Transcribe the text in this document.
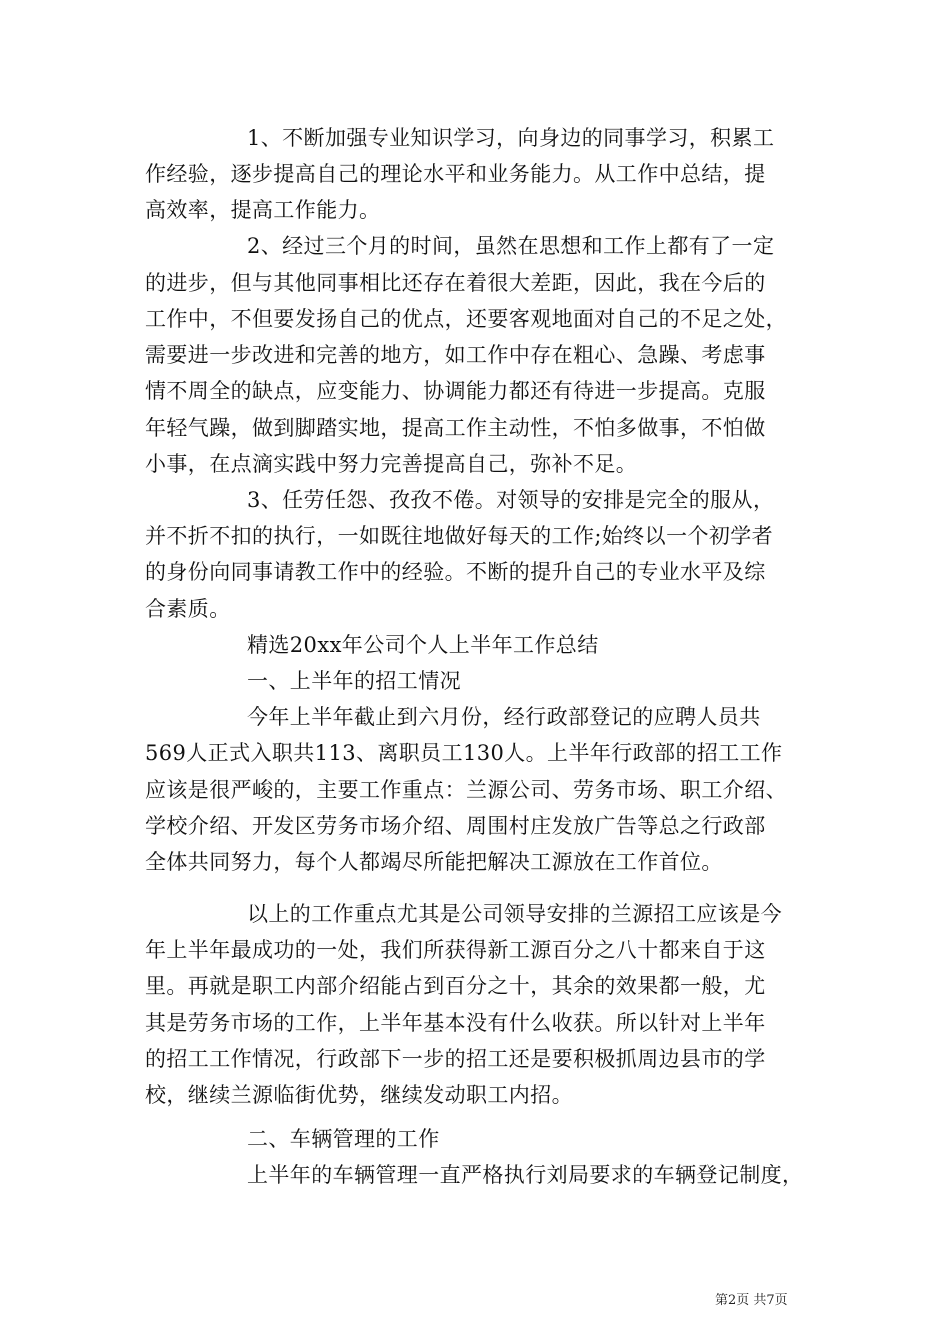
1、不断加强专业知识学习，向身边的同事学习，积累工
作经验，逐步提高自己的理论水平和业务能力。从工作中总结，提
高效率，提高工作能力。
2、经过三个月的时间，虽然在思想和工作上都有了一定
的进步，但与其他同事相比还存在着很大差距，因此，我在今后的
工作中，不但要发扬自己的优点，还要客观地面对自己的不足之处，
需要进一步改进和完善的地方，如工作中存在粗心、急躁、考虑事
情不周全的缺点，应变能力、协调能力都还有待进一步提高。克服
年轻气躁，做到脚踏实地，提高工作主动性，不怕多做事，不怕做
小事，在点滴实践中努力完善提高自己，弥补不足。
3、任劳任怨、孜孜不倦。对领导的安排是完全的服从，
并不折不扣的执行，一如既往地做好每天的工作;始终以一个初学者
的身份向同事请教工作中的经验。不断的提升自己的专业水平及综
合素质。
精选20xx年公司个人上半年工作总结
一、上半年的招工情况
今年上半年截止到六月份，经行政部登记的应聘人员共
569人正式入职共113、离职员工130人。上半年行政部的招工工作
应该是很严峻的，主要工作重点：兰源公司、劳务市场、职工介绍、
学校介绍、开发区劳务市场介绍、周围村庄发放广告等总之行政部
全体共同努力，每个人都竭尽所能把解决工源放在工作首位。
以上的工作重点尤其是公司领导安排的兰源招工应该是今
年上半年最成功的一处，我们所获得新工源百分之八十都来自于这
里。再就是职工内部介绍能占到百分之十，其余的效果都一般，尤
其是劳务市场的工作，上半年基本没有什么收获。所以针对上半年
的招工工作情况，行政部下一步的招工还是要积极抓周边县市的学
校，继续兰源临街优势，继续发动职工内招。
二、车辆管理的工作
上半年的车辆管理一直严格执行刘局要求的车辆登记制度，
第2页 共7页
